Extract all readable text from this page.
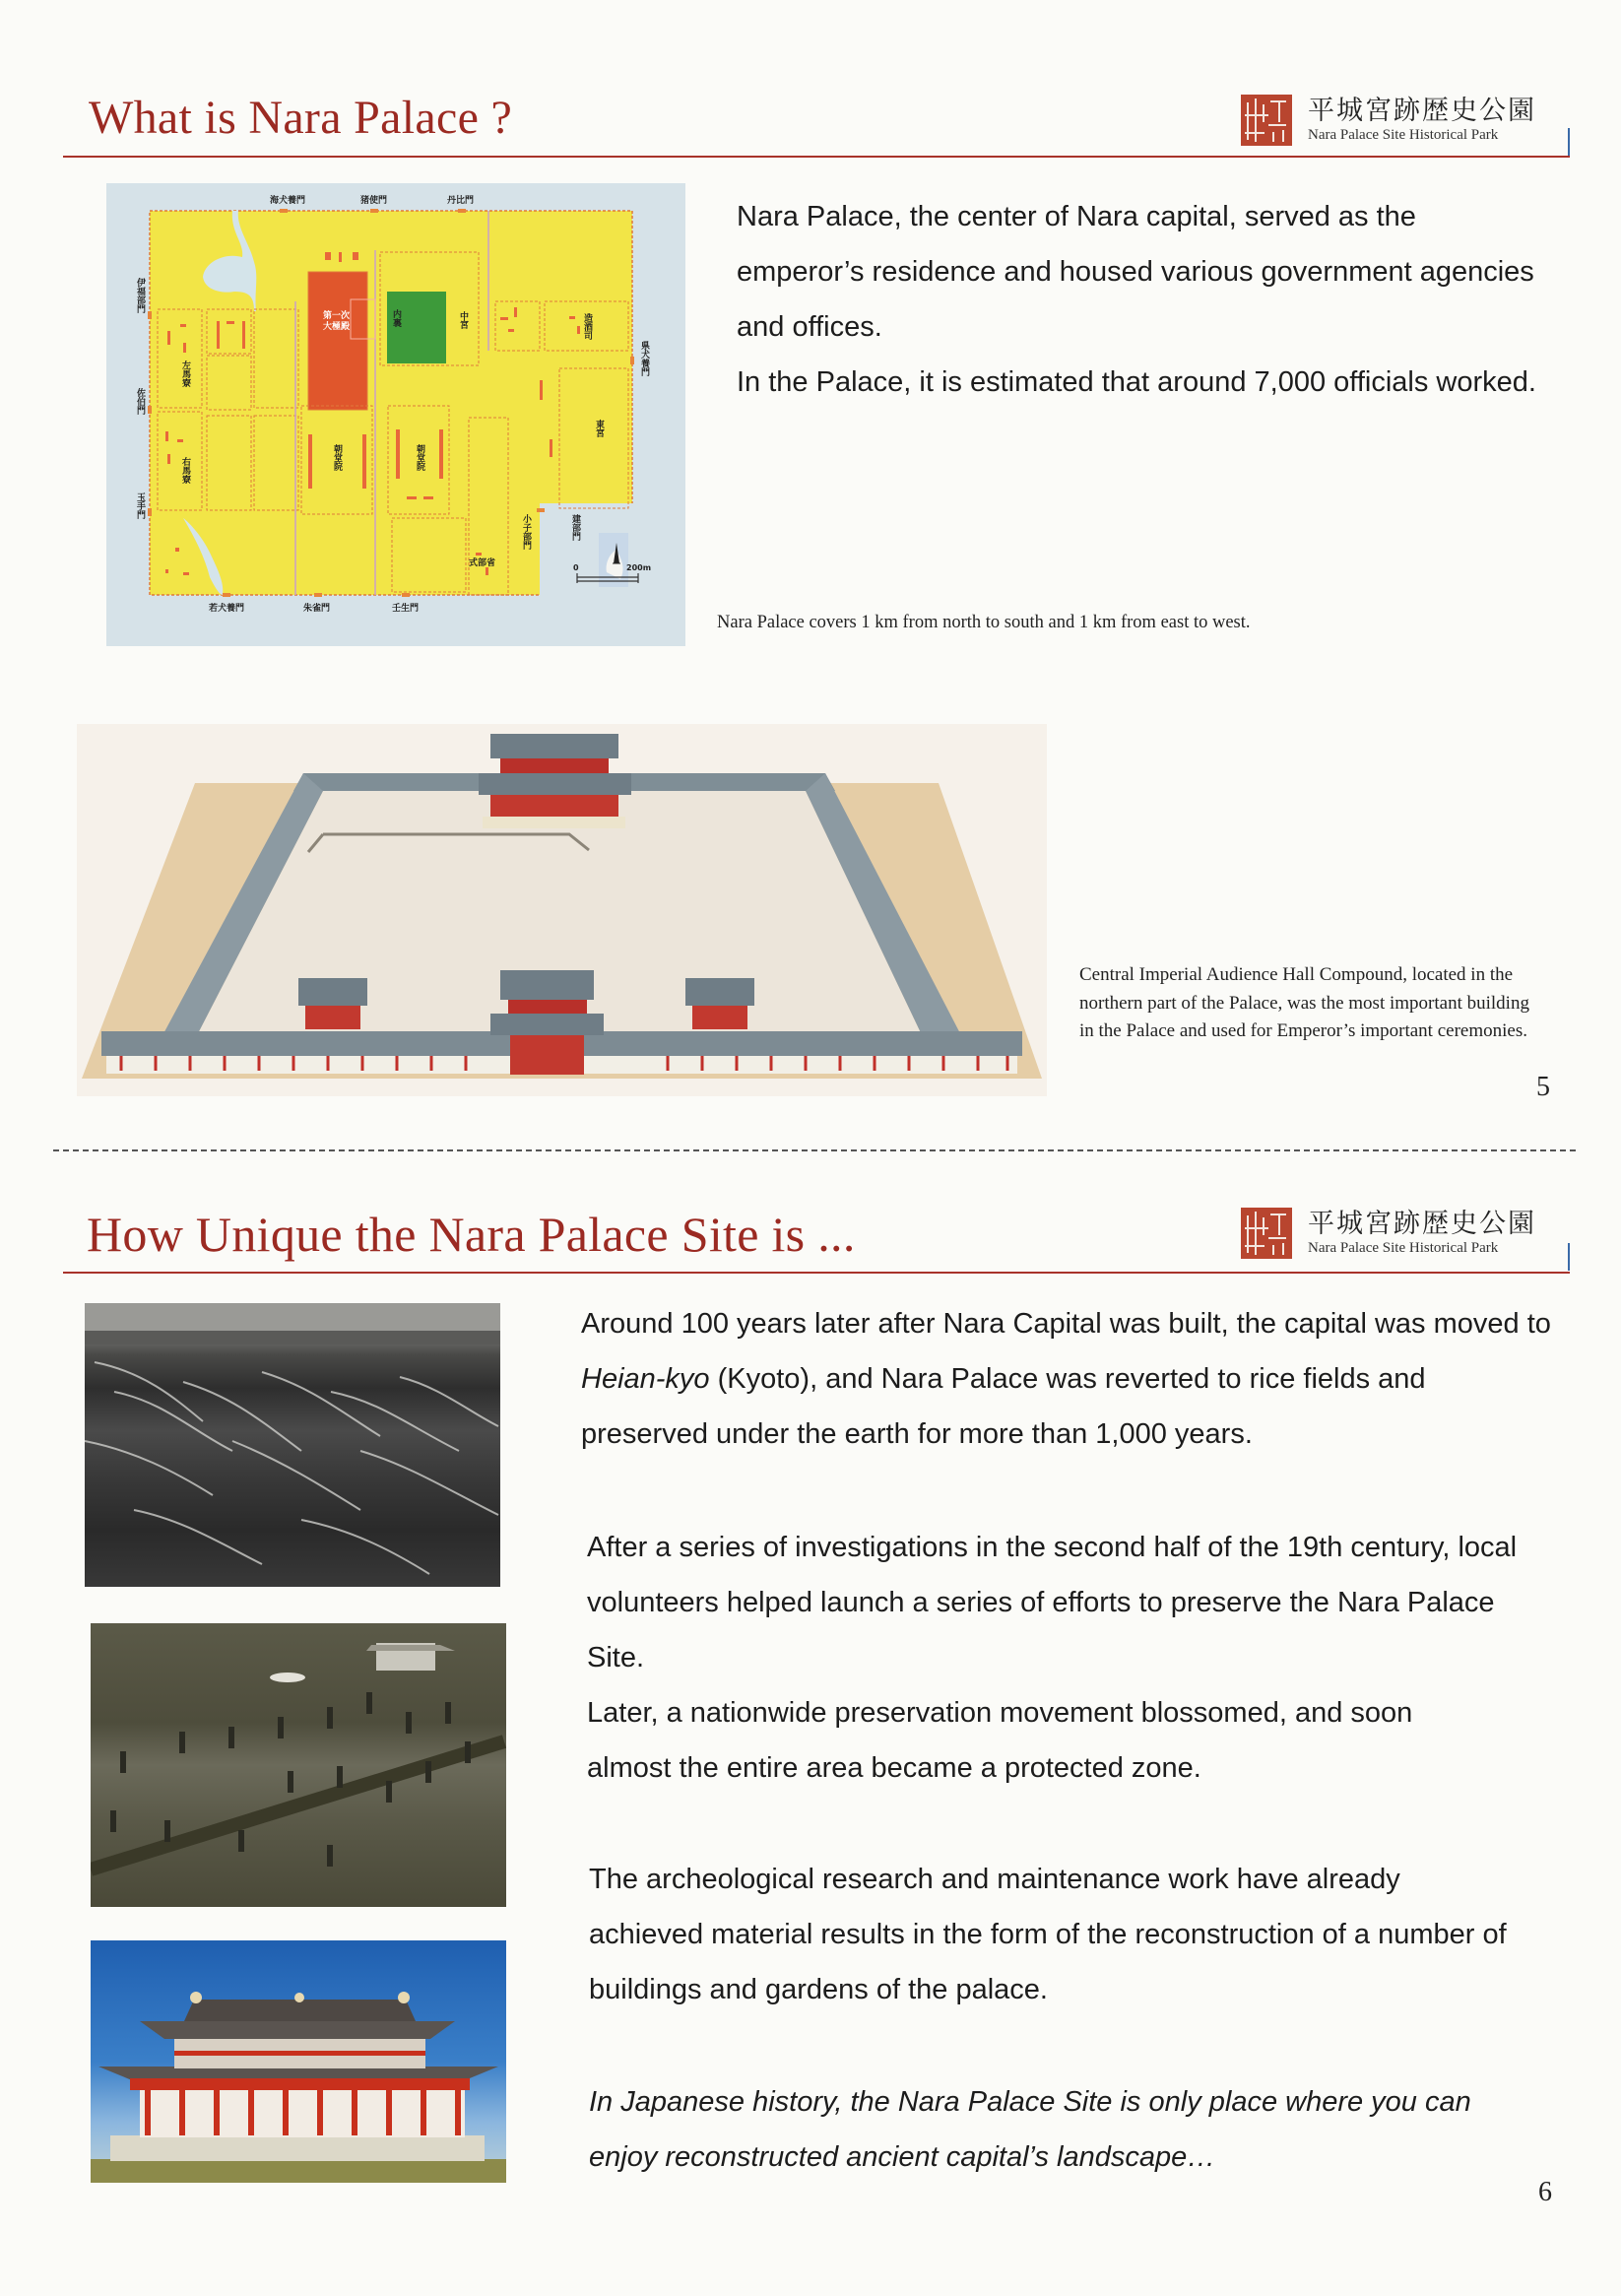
What is Nara Palace ?	平城宮跡歴史公園
Nara Palace Site Historical Park
海犬養門	猪使門	丹比門
伊福部門
佐伯門
玉手門
若犬養門	朱雀門	壬生門
県犬養門
小子部門	建部門
第一次
大極殿	内裏	中宮	造酒司
左馬寮
右馬寮	朝堂院	朝堂院
東宮
式部省	0	200m
Nara Palace, the center of Nara capital, served as the emperor’s residence and housed various government agencies and offices.
In the Palace, it is estimated that around 7,000 officials worked.
Nara Palace covers 1 km from north to south and 1 km from east to west.
Central Imperial Audience Hall Compound, located in the northern part of the Palace, was the most important building in the Palace and used for Emperor’s important ceremonies.
5
How Unique the Nara Palace Site is ...	平城宮跡歴史公園
Nara Palace Site Historical Park
Around 100 years later after Nara Capital was built, the capital was moved to Heian-kyo (Kyoto), and Nara Palace was reverted to rice fields and preserved under the earth for more than 1,000 years.
After a series of investigations in the second half of the 19th century, local volunteers helped launch a series of efforts to preserve the Nara Palace Site.
Later, a nationwide preservation movement blossomed, and soon almost the entire area became a protected zone.
The archeological research and maintenance work have already achieved material results in the form of the reconstruction of a number of buildings and gardens of the palace.
In Japanese history, the Nara Palace Site is only place where you can enjoy reconstructed ancient capital’s landscape…
6
